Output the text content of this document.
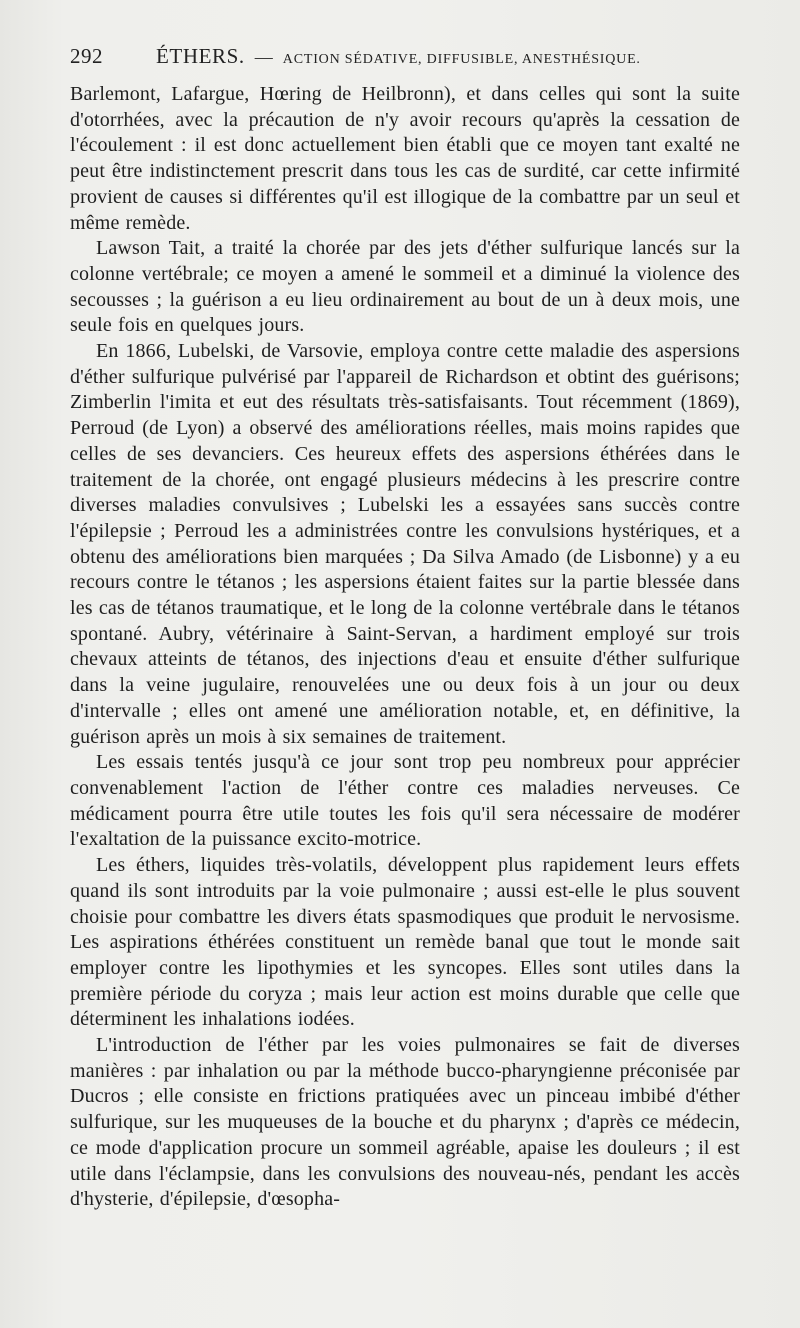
292	ÉTHERS. — ACTION SÉDATIVE, DIFFUSIBLE, ANESTHÉSIQUE.

Barlemont, Lafargue, Hœring de Heilbronn), et dans celles qui sont la suite d'otorrhées, avec la précaution de n'y avoir recours qu'après la cessation de l'écoulement : il est donc actuellement bien établi que ce moyen tant exalté ne peut être indistinctement prescrit dans tous les cas de surdité, car cette infirmité provient de causes si différentes qu'il est illogique de la combattre par un seul et même remède.

Lawson Tait, a traité la chorée par des jets d'éther sulfurique lancés sur la colonne vertébrale; ce moyen a amené le sommeil et a diminué la violence des secousses ; la guérison a eu lieu ordinairement au bout de un à deux mois, une seule fois en quelques jours.

En 1866, Lubelski, de Varsovie, employa contre cette maladie des aspersions d'éther sulfurique pulvérisé par l'appareil de Richardson et obtint des guérisons; Zimberlin l'imita et eut des résultats très-satisfaisants. Tout récemment (1869), Perroud (de Lyon) a observé des améliorations réelles, mais moins rapides que celles de ses devanciers. Ces heureux effets des aspersions éthérées dans le traitement de la chorée, ont engagé plusieurs médecins à les prescrire contre diverses maladies convulsives ; Lubelski les a essayées sans succès contre l'épilepsie ; Perroud les a administrées contre les convulsions hystériques, et a obtenu des améliorations bien marquées ; Da Silva Amado (de Lisbonne) y a eu recours contre le tétanos ; les aspersions étaient faites sur la partie blessée dans les cas de tétanos traumatique, et le long de la colonne vertébrale dans le tétanos spontané. Aubry, vétérinaire à Saint-Servan, a hardiment employé sur trois chevaux atteints de tétanos, des injections d'eau et ensuite d'éther sulfurique dans la veine jugulaire, renouvelées une ou deux fois à un jour ou deux d'intervalle ; elles ont amené une amélioration notable, et, en définitive, la guérison après un mois à six semaines de traitement.

Les essais tentés jusqu'à ce jour sont trop peu nombreux pour apprécier convenablement l'action de l'éther contre ces maladies nerveuses. Ce médicament pourra être utile toutes les fois qu'il sera nécessaire de modérer l'exaltation de la puissance excito-motrice.

Les éthers, liquides très-volatils, développent plus rapidement leurs effets quand ils sont introduits par la voie pulmonaire ; aussi est-elle le plus souvent choisie pour combattre les divers états spasmodiques que produit le nervosisme. Les aspirations éthérées constituent un remède banal que tout le monde sait employer contre les lipothymies et les syncopes. Elles sont utiles dans la première période du coryza ; mais leur action est moins durable que celle que déterminent les inhalations iodées.

L'introduction de l'éther par les voies pulmonaires se fait de diverses manières : par inhalation ou par la méthode bucco-pharyngienne préconisée par Ducros ; elle consiste en frictions pratiquées avec un pinceau imbibé d'éther sulfurique, sur les muqueuses de la bouche et du pharynx ; d'après ce médecin, ce mode d'application procure un sommeil agréable, apaise les douleurs ; il est utile dans l'éclampsie, dans les convulsions des nouveau-nés, pendant les accès d'hysterie, d'épilepsie, d'œsopha-
